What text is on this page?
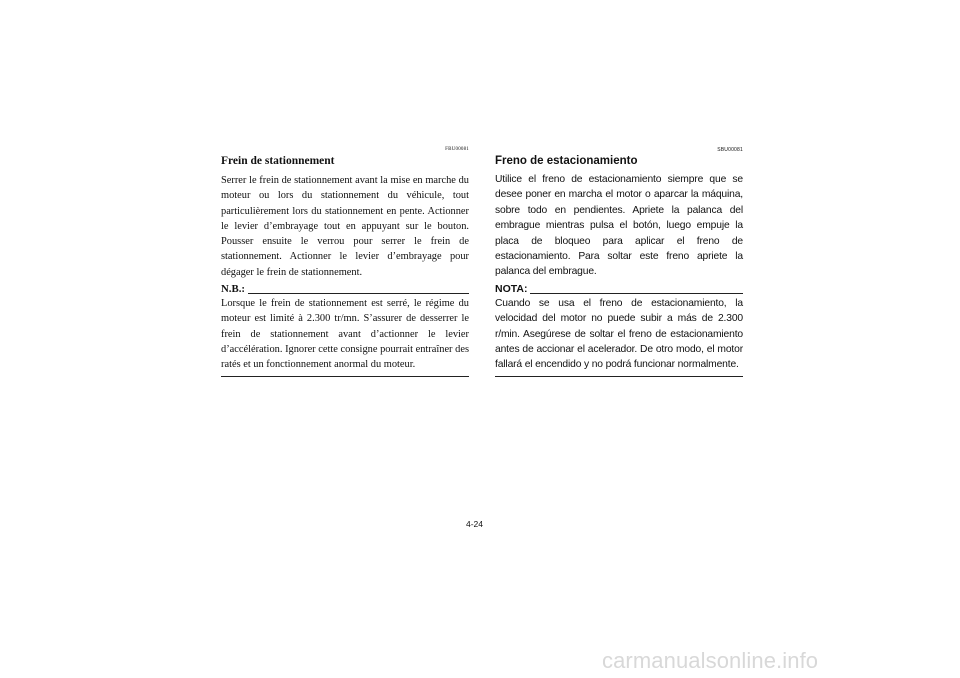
FBU00081
Frein de stationnement

Serrer le frein de stationnement avant la mise en marche du moteur ou lors du stationnement du véhicule, tout particulièrement lors du stationnement en pente. Actionner le levier d’embrayage tout en appuyant sur le bouton. Pousser ensuite le verrou pour serrer le frein de stationnement. Actionner le levier d’embrayage pour dégager le frein de stationnement.

N.B.:

Lorsque le frein de stationnement est serré, le régime du moteur est limité à 2.300 tr/mn. S’assurer de desserrer le frein de stationnement avant d’actionner le levier d’accélération. Ignorer cette consigne pourrait entraîner des ratés et un fonctionnement anormal du moteur.

SBU00081
Freno de estacionamiento

Utilice el freno de estacionamiento siempre que se desee poner en marcha el motor o aparcar la máquina, sobre todo en pendientes. Apriete la palanca del embrague mientras pulsa el botón, luego empuje la placa de bloqueo para aplicar el freno de estacionamiento. Para soltar este freno apriete la palanca del embrague.

NOTA:

Cuando se usa el freno de estacionamiento, la velocidad del motor no puede subir a más de 2.300 r/min. Asegúrese de soltar el freno de estacionamiento antes de accionar el acelerador. De otro modo, el motor fallará el encendido y no podrá funcionar normalmente.

4-24
carmanualsonline.info
